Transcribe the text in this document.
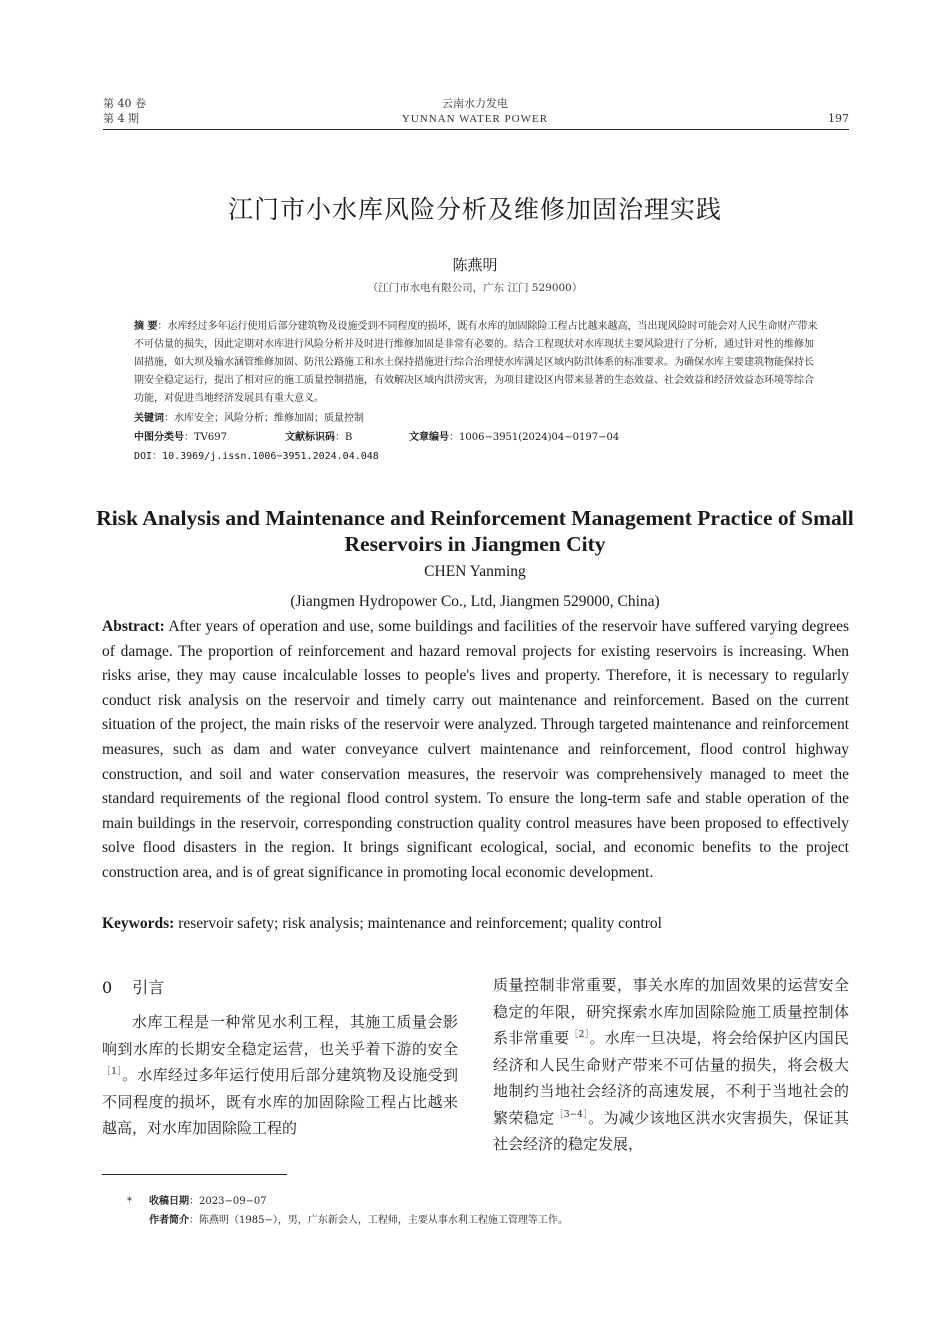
第 40 卷
第 4 期
云南水力发电
YUNNAN WATER POWER	197
江门市小水库风险分析及维修加固治理实践
陈燕明
（江门市水电有限公司，广东 江门 529000）
摘 要：水库经过多年运行使用后部分建筑物及设施受到不同程度的损坏，既有水库的加固除险工程占比越来越高，当出现风险时可能会对人民生命财产带来不可估量的损失，因此定期对水库进行风险分析并及时进行维修加固是非常有必要的。结合工程现状对水库现状主要风险进行了分析，通过针对性的维修加固措施，如大坝及输水涵管维修加固、防汛公路施工和水土保持措施进行综合治理使水库满足区域内防洪体系的标准要求。为确保水库主要建筑物能保持长期安全稳定运行，提出了相对应的施工质量控制措施，有效解决区域内洪涝灾害，为项目建设区内带来显著的生态效益、社会效益和经济效益态环境等综合功能，对促进当地经济发展具有重大意义。
关键词：水库安全；风险分析；维修加固；质量控制
中图分类号：TV697	文献标识码：B	文章编号：1006−3951(2024)04−0197−04
DOI：10.3969/j.issn.1006−3951.2024.04.048
Risk Analysis and Maintenance and Reinforcement Management Practice of Small Reservoirs in Jiangmen City
CHEN Yanming
(Jiangmen Hydropower Co., Ltd, Jiangmen 529000, China)
Abstract: After years of operation and use, some buildings and facilities of the reservoir have suffered varying degrees of damage. The proportion of reinforcement and hazard removal projects for existing reservoirs is increasing. When risks arise, they may cause incalculable losses to people's lives and property. Therefore, it is necessary to regularly conduct risk analysis on the reservoir and timely carry out maintenance and reinforcement. Based on the current situation of the project, the main risks of the reservoir were analyzed. Through targeted maintenance and reinforcement measures, such as dam and water conveyance culvert maintenance and reinforcement, flood control highway construction, and soil and water conservation measures, the reservoir was comprehensively managed to meet the standard requirements of the regional flood control system. To ensure the long-term safe and stable operation of the main buildings in the reservoir, corresponding construction quality control measures have been proposed to effectively solve flood disasters in the region. It brings significant ecological, social, and economic benefits to the project construction area, and is of great significance in promoting local economic development.
Keywords: reservoir safety; risk analysis; maintenance and reinforcement; quality control
0 引言
水库工程是一种常见水利工程，其施工质量会影响到水库的长期安全稳定运营，也关乎着下游的安全$^{[1]}$。水库经过多年运行使用后部分建筑物及设施受到不同程度的损坏，既有水库的加固除险工程占比越来越高，对水库加固除险工程的
质量控制非常重要，事关水库的加固效果的运营安全稳定的年限，研究探索水库加固除险施工质量控制体系非常重要$^{[2]}$。水库一旦决堤，将会给保护区内国民经济和人民生命财产带来不可估量的损失，将会极大地制约当地社会经济的高速发展，不利于当地社会的繁荣稳定$^{[3-4]}$。为减少该地区洪水灾害损失，保证其社会经济的稳定发展，
* 收稿日期：2023−09−07
作者简介：陈燕明（1985−），男，广东新会人，工程师，主要从事水利工程施工管理等工作。
